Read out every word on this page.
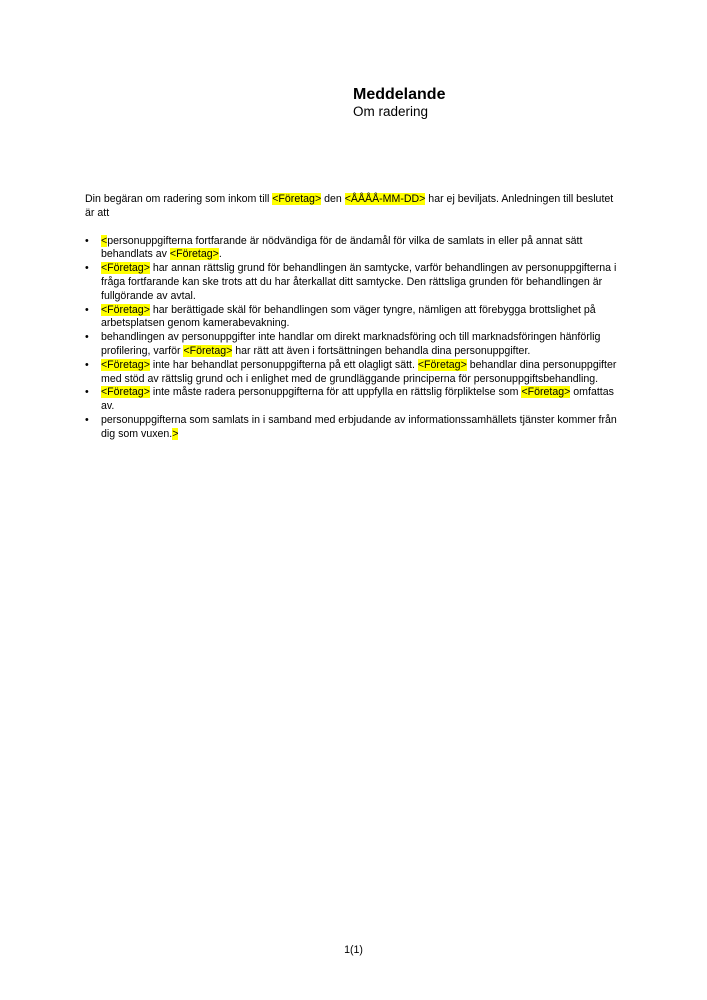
Meddelande
Om radering

Din begäran om radering som inkom till <Företag> den <ÅÅÅÅ-MM-DD> har ej beviljats. Anledningen till beslutet är att

• <personuppgifterna fortfarande är nödvändiga för de ändamål för vilka de samlats in eller på annat sätt behandlats av <Företag>.
• <Företag> har annan rättslig grund för behandlingen än samtycke, varför behandlingen av personuppgifterna i fråga fortfarande kan ske trots att du har återkallat ditt samtycke. Den rättsliga grunden för behandlingen är fullgörande av avtal.
• <Företag> har berättigade skäl för behandlingen som väger tyngre, nämligen att förebygga brottslighet på arbetsplatsen genom kamerabevakning.
• behandlingen av personuppgifter inte handlar om direkt marknadsföring och till marknadsföringen hänförlig profilering, varför <Företag> har rätt att även i fortsättningen behandla dina personuppgifter.
• <Företag> inte har behandlat personuppgifterna på ett olagligt sätt. <Företag> behandlar dina personuppgifter med stöd av rättslig grund och i enlighet med de grundläggande principerna för personuppgiftsbehandling.
• <Företag> inte måste radera personuppgifterna för att uppfylla en rättslig förpliktelse som <Företag> omfattas av.
• personuppgifterna som samlats in i samband med erbjudande av informationssamhällets tjänster kommer från dig som vuxen.>
1(1)
